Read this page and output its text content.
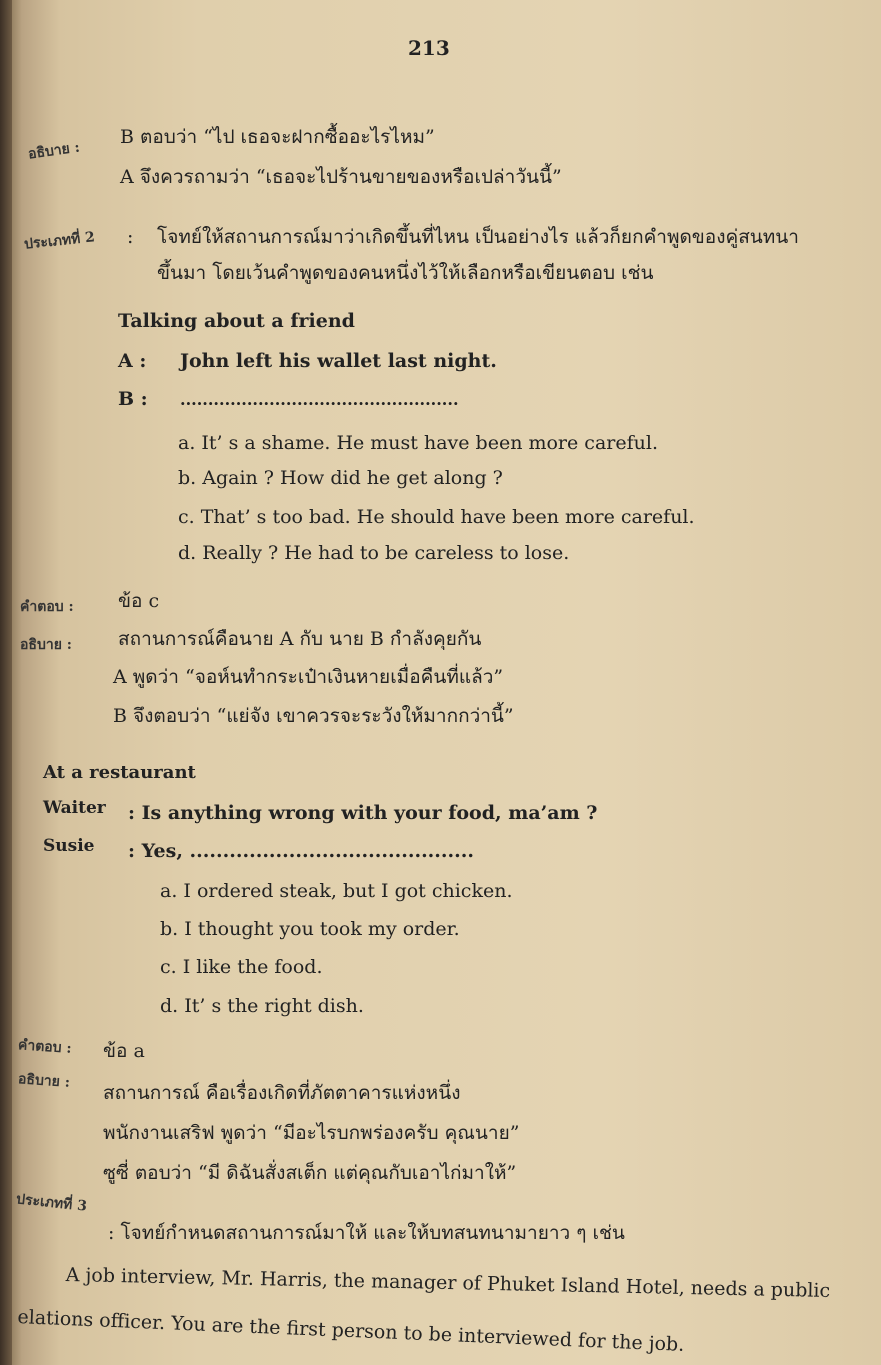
213
อธิบาย :
B ตอบว่า “ไป เธอจะฝากซื้ออะไรไหม”
A จึงควรถามว่า “เธอจะไปร้านขายของหรือเปล่าวันนี้”
ประเภทที่ 2 : โจทย์ให้สถานการณ์มาว่าเกิดขึ้นที่ไหน เป็นอย่างไร แล้วก็ยกคำพูดของคู่สนทนา
ขึ้นมา โดยเว้นคำพูดของคนหนึ่งไว้ให้เลือกหรือเขียนตอบ เช่น
Talking about a friend
A : John left his wallet last night.
B : ..................................................
a. It’ s a shame. He must have been more careful.
b. Again ? How did he get along ?
c. That’ s too bad. He should have been more careful.
d. Really ? He had to be careless to lose.
คำตอบ : ข้อ c
อธิบาย : สถานการณ์คือนาย A กับ นาย B กำลังคุยกัน
A พูดว่า “จอห์นทำกระเป๋าเงินหายเมื่อคืนที่แล้ว”
B จึงตอบว่า “แย่จัง เขาควรจะระวังให้มากกว่านี้”
At a restaurant
Waiter : Is anything wrong with your food, ma’am ?
Susie : Yes, ...........................................
a. I ordered steak, but I got chicken.
b. I thought you took my order.
c. I like the food.
d. It’ s the right dish.
คำตอบ : ข้อ a
อธิบาย :
สถานการณ์ คือเรื่องเกิดที่ภัตตาคารแห่งหนึ่ง
พนักงานเสริฟ พูดว่า “มีอะไรบกพร่องครับ คุณนาย”
ซูซี่ ตอบว่า “มี ดิฉันสั่งสเต็ก แต่คุณกับเอาไก่มาให้”
ประเภทที่ 3
: โจทย์กำหนดสถานการณ์มาให้ และให้บทสนทนามายาว ๆ เช่น
A job interview, Mr. Harris, the manager of Phuket Island Hotel, needs a public
elations officer. You are the first person to be interviewed for the job.
